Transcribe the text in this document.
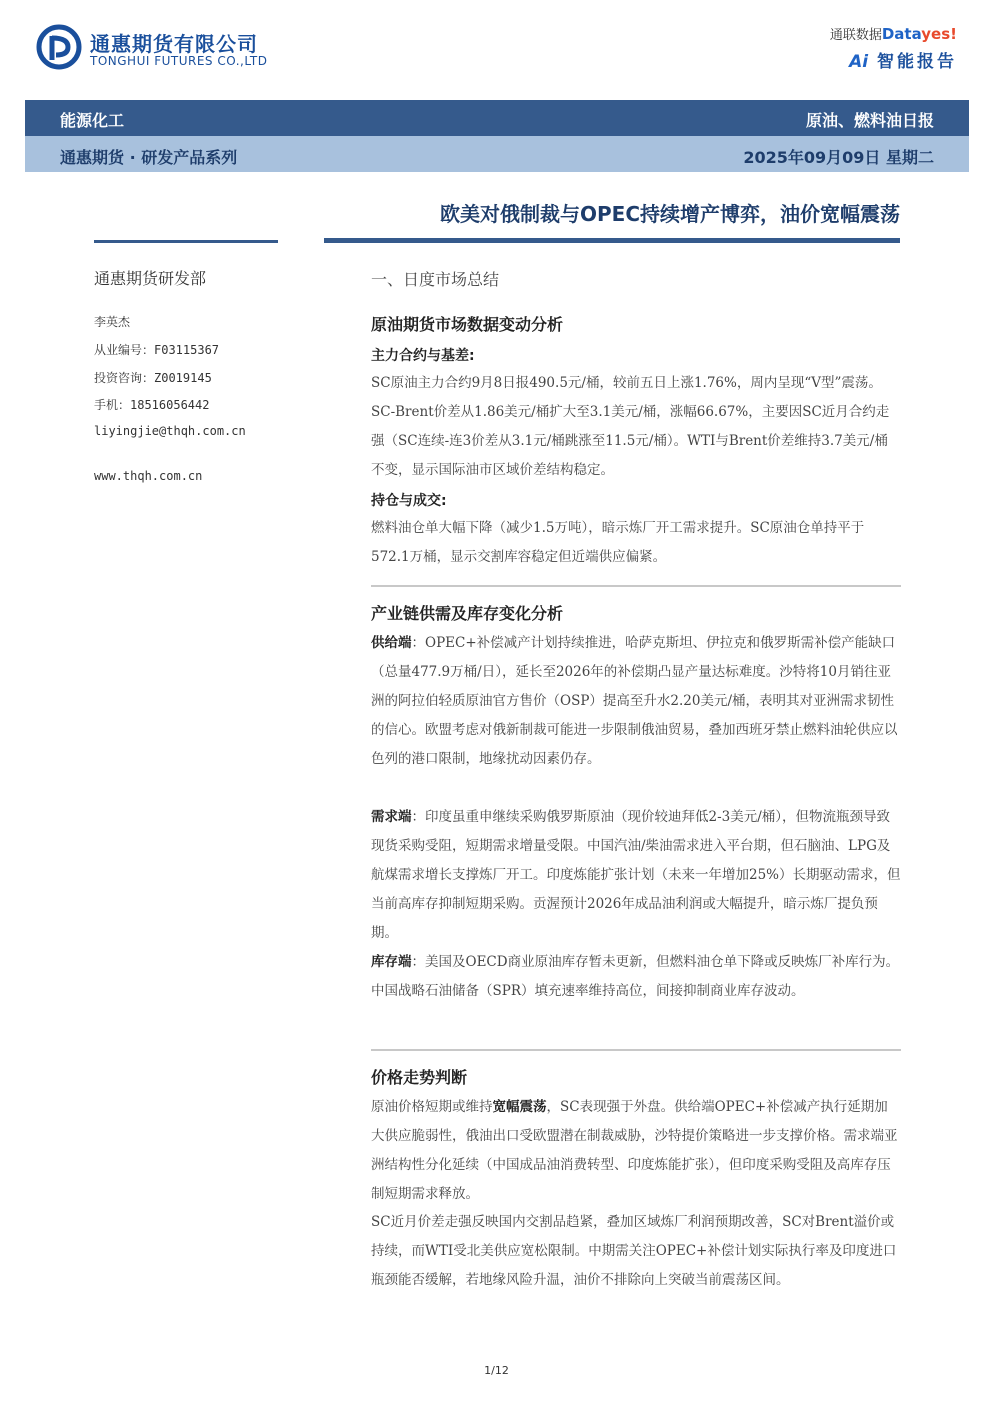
通惠期货有限公司
TONGHUI FUTURES CO.,LTD
通联数据Datayes!
Ai 智能报告
能源化工	原油、燃料油日报
通惠期货 · 研发产品系列	2025年09月09日 星期二
欧美对俄制裁与OPEC持续增产博弈，油价宽幅震荡
通惠期货研发部
李英杰
从业编号：F03115367
投资咨询：Z0019145
手机：18516056442
liyingjie@thqh.com.cn
www.thqh.com.cn
一、日度市场总结
原油期货市场数据变动分析
主力合约与基差:
SC原油主力合约9月8日报490.5元/桶，较前五日上涨1.76%，周内呈现“V型”震荡。SC-Brent价差从1.86美元/桶扩大至3.1美元/桶，涨幅66.67%，主要因SC近月合约走强（SC连续-连3价差从3.1元/桶跳涨至11.5元/桶）。WTI与Brent价差维持3.7美元/桶不变，显示国际油市区域价差结构稳定。
持仓与成交:
燃料油仓单大幅下降（减少1.5万吨），暗示炼厂开工需求提升。SC原油仓单持平于572.1万桶，显示交割库容稳定但近端供应偏紧。
产业链供需及库存变化分析
供给端：OPEC+补偿减产计划持续推进，哈萨克斯坦、伊拉克和俄罗斯需补偿产能缺口（总量477.9万桶/日），延长至2026年的补偿期凸显产量达标难度。沙特将10月销往亚洲的阿拉伯轻质原油官方售价（OSP）提高至升水2.20美元/桶，表明其对亚洲需求韧性的信心。欧盟考虑对俄新制裁可能进一步限制俄油贸易，叠加西班牙禁止燃料油轮供应以色列的港口限制，地缘扰动因素仍存。
需求端：印度虽重申继续采购俄罗斯原油（现价较迪拜低2-3美元/桶），但物流瓶颈导致现货采购受阻，短期需求增量受限。中国汽油/柴油需求进入平台期，但石脑油、LPG及航煤需求增长支撑炼厂开工。印度炼能扩张计划（未来一年增加25%）长期驱动需求，但当前高库存抑制短期采购。贡渥预计2026年成品油利润或大幅提升，暗示炼厂提负预期。
库存端：美国及OECD商业原油库存暂未更新，但燃料油仓单下降或反映炼厂补库行为。中国战略石油储备（SPR）填充速率维持高位，间接抑制商业库存波动。
价格走势判断
原油价格短期或维持宽幅震荡，SC表现强于外盘。供给端OPEC+补偿减产执行延期加大供应脆弱性，俄油出口受欧盟潜在制裁威胁，沙特提价策略进一步支撑价格。需求端亚洲结构性分化延续（中国成品油消费转型、印度炼能扩张），但印度采购受阻及高库存压制短期需求释放。
SC近月价差走强反映国内交割品趋紧，叠加区域炼厂利润预期改善，SC对Brent溢价或持续，而WTI受北美供应宽松限制。中期需关注OPEC+补偿计划实际执行率及印度进口瓶颈能否缓解，若地缘风险升温，油价不排除向上突破当前震荡区间。
1/12
